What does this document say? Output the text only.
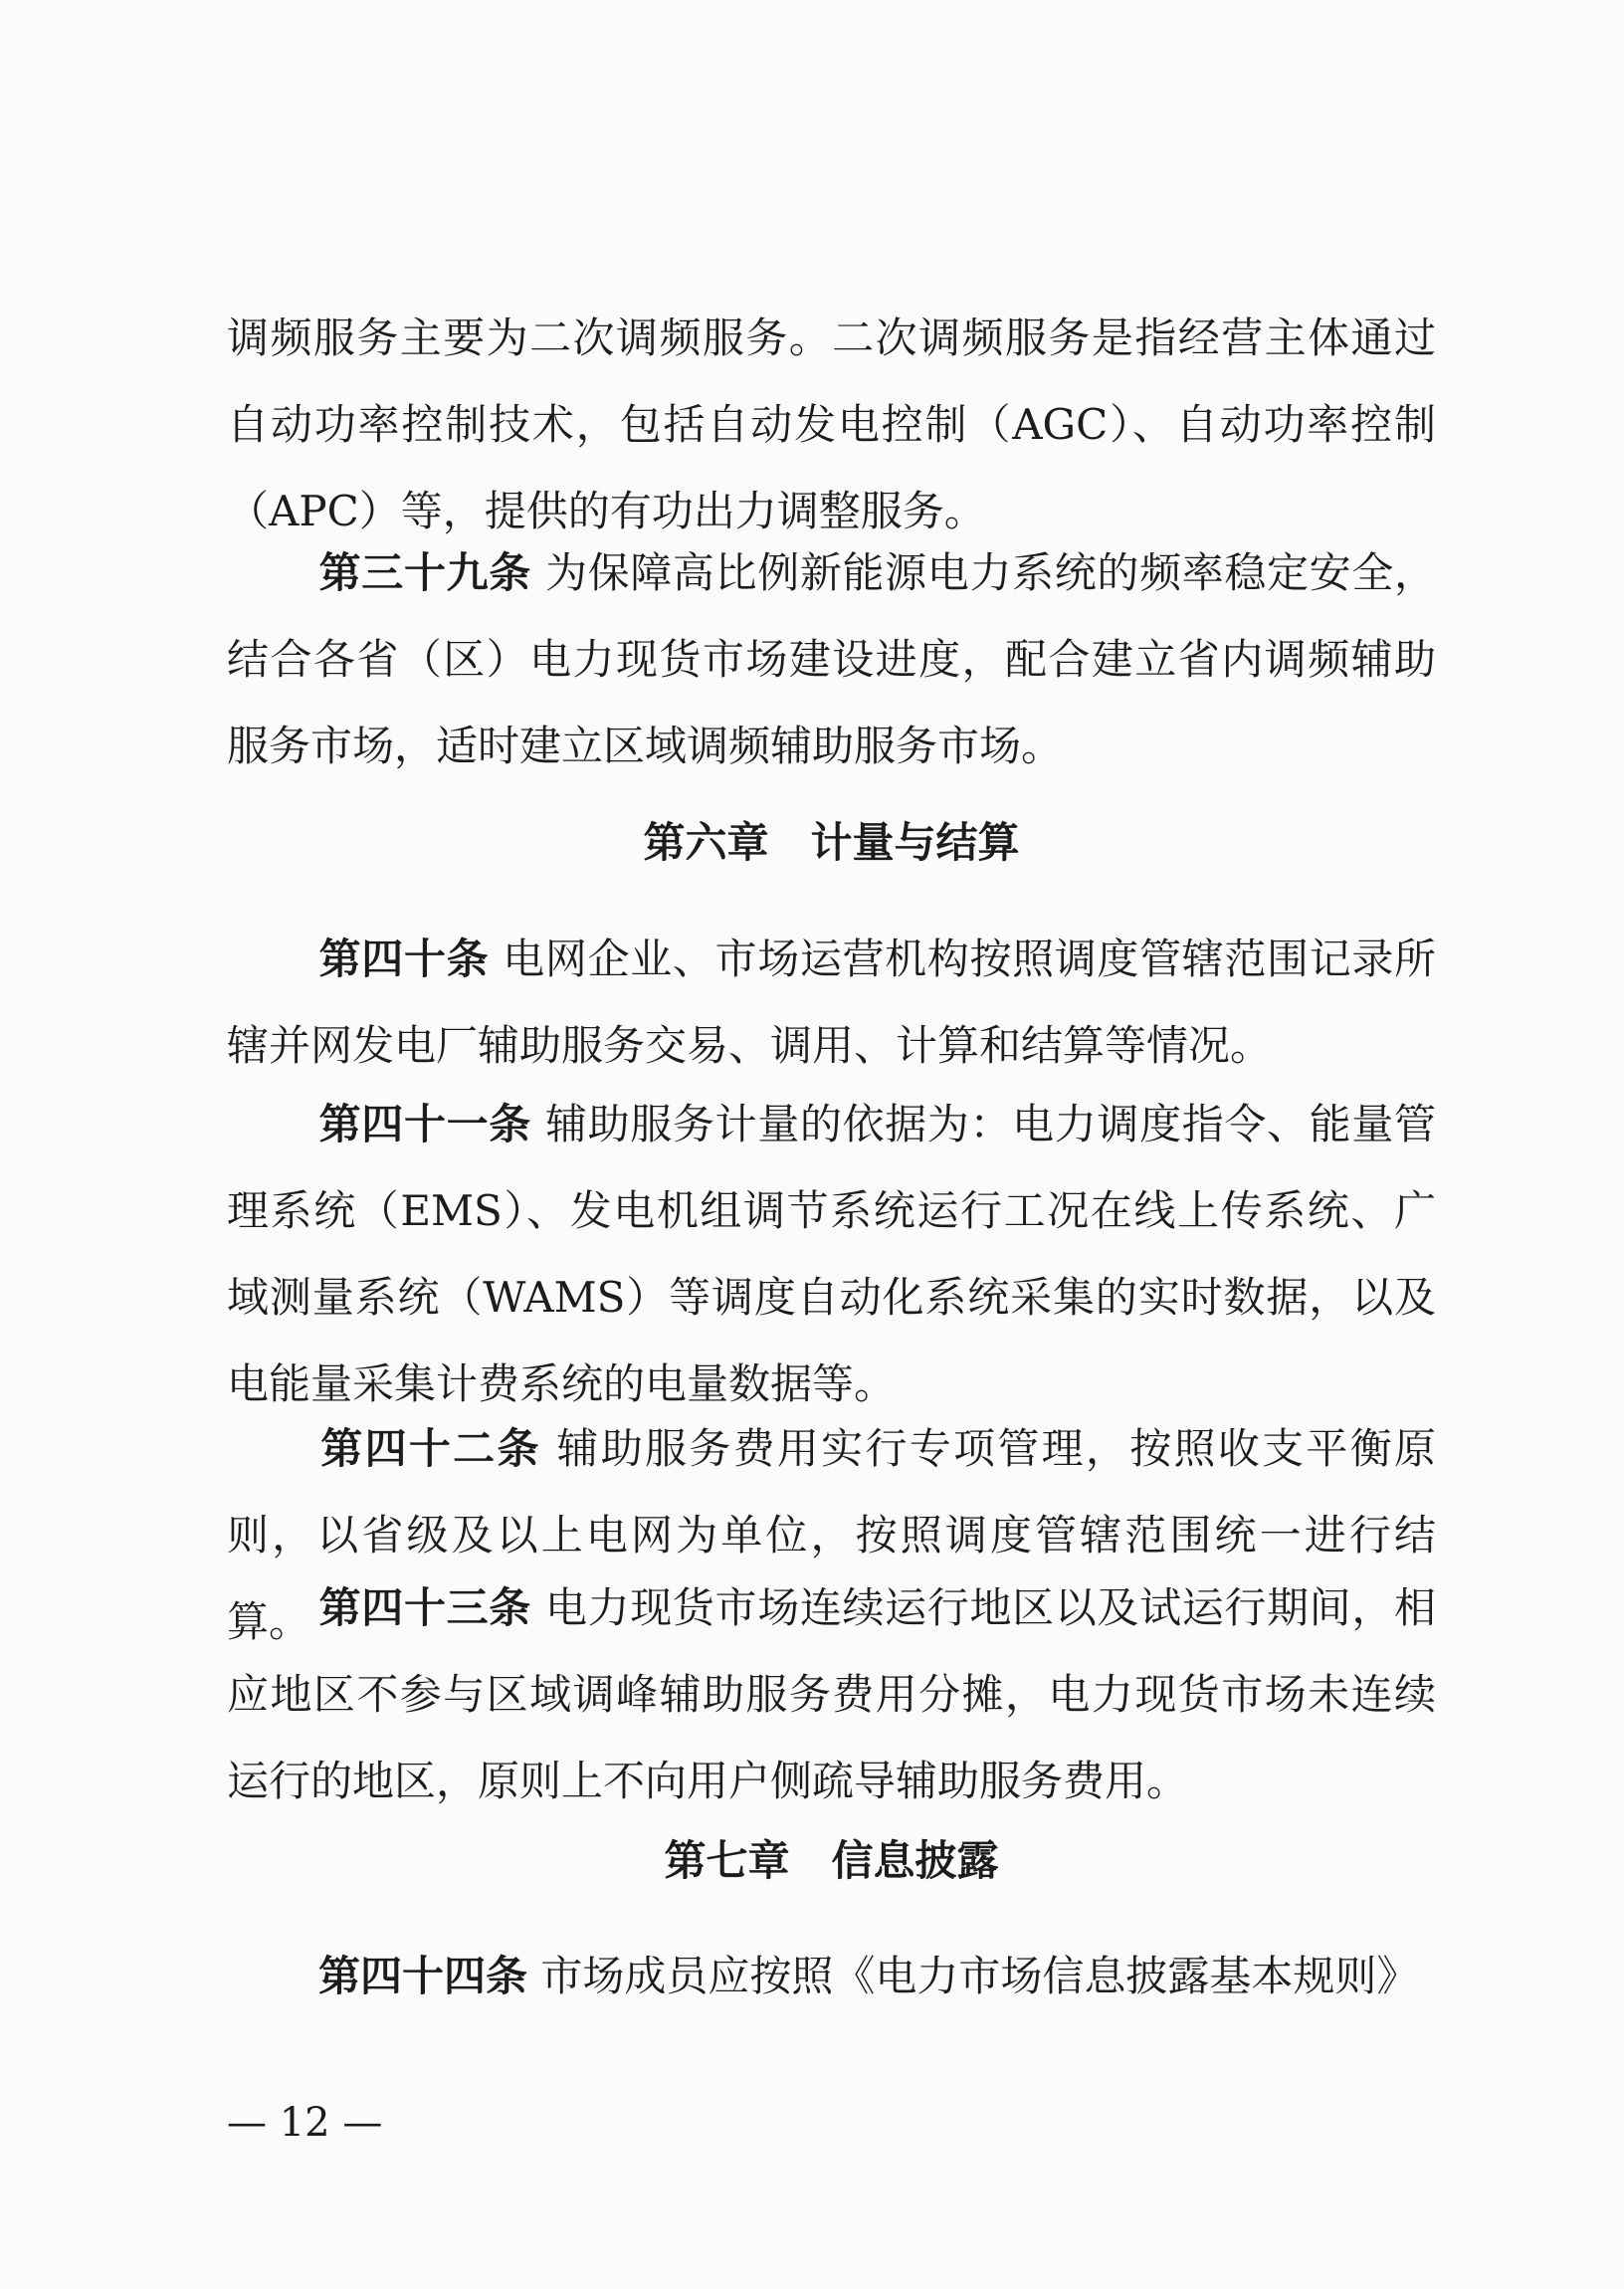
调频服务主要为二次调频服务。二次调频服务是指经营主体通过自动功率控制技术，包括自动发电控制（AGC）、自动功率控制（APC）等，提供的有功出力调整服务。

第三十九条 为保障高比例新能源电力系统的频率稳定安全，结合各省（区）电力现货市场建设进度，配合建立省内调频辅助服务市场，适时建立区域调频辅助服务市场。

第六章 计量与结算

第四十条 电网企业、市场运营机构按照调度管辖范围记录所辖并网发电厂辅助服务交易、调用、计算和结算等情况。

第四十一条 辅助服务计量的依据为：电力调度指令、能量管理系统（EMS）、发电机组调节系统运行工况在线上传系统、广域测量系统（WAMS）等调度自动化系统采集的实时数据，以及电能量采集计费系统的电量数据等。

第四十二条 辅助服务费用实行专项管理，按照收支平衡原则，以省级及以上电网为单位，按照调度管辖范围统一进行结算。 第四十三条 电力现货市场连续运行地区以及试运行期间，相应地区不参与区域调峰辅助服务费用分摊，电力现货市场未连续运行的地区，原则上不向用户侧疏导辅助服务费用。

第七章 信息披露

第四十四条 市场成员应按照《电力市场信息披露基本规则》

— 12 —
